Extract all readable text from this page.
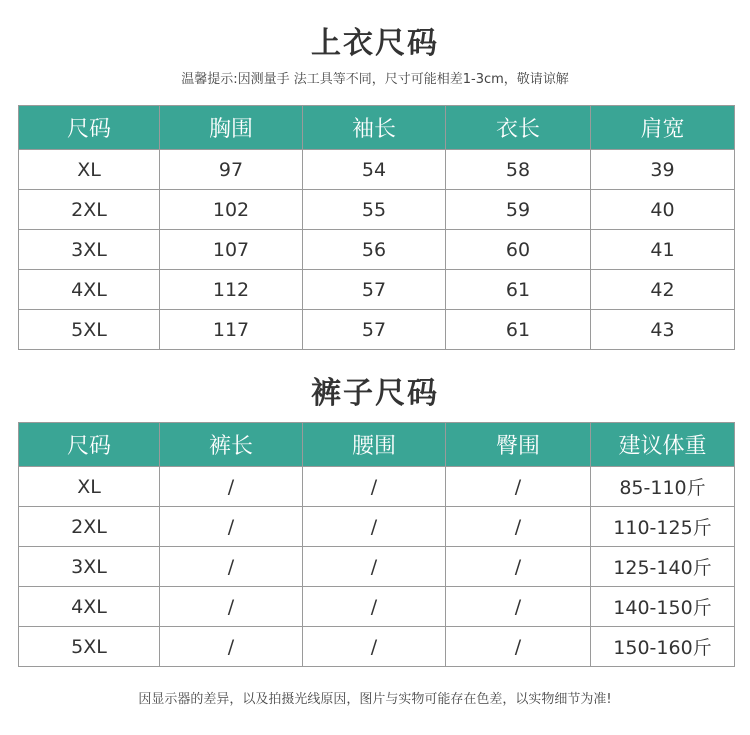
上衣尺码
温馨提示:因测量手 法工具等不同，尺寸可能相差1-3cm，敬请谅解
尺码	胸围	袖长	衣长	肩宽
XL	97	54	58	39
2XL	102	55	59	40
3XL	107	56	60	41
4XL	112	57	61	42
5XL	117	57	61	43
裤子尺码
尺码	裤长	腰围	臀围	建议体重
XL	/	/	/	85-110斤
2XL	/	/	/	110-125斤
3XL	/	/	/	125-140斤
4XL	/	/	/	140-150斤
5XL	/	/	/	150-160斤
因显示器的差异，以及拍摄光线原因，图片与实物可能存在色差，以实物细节为准!
